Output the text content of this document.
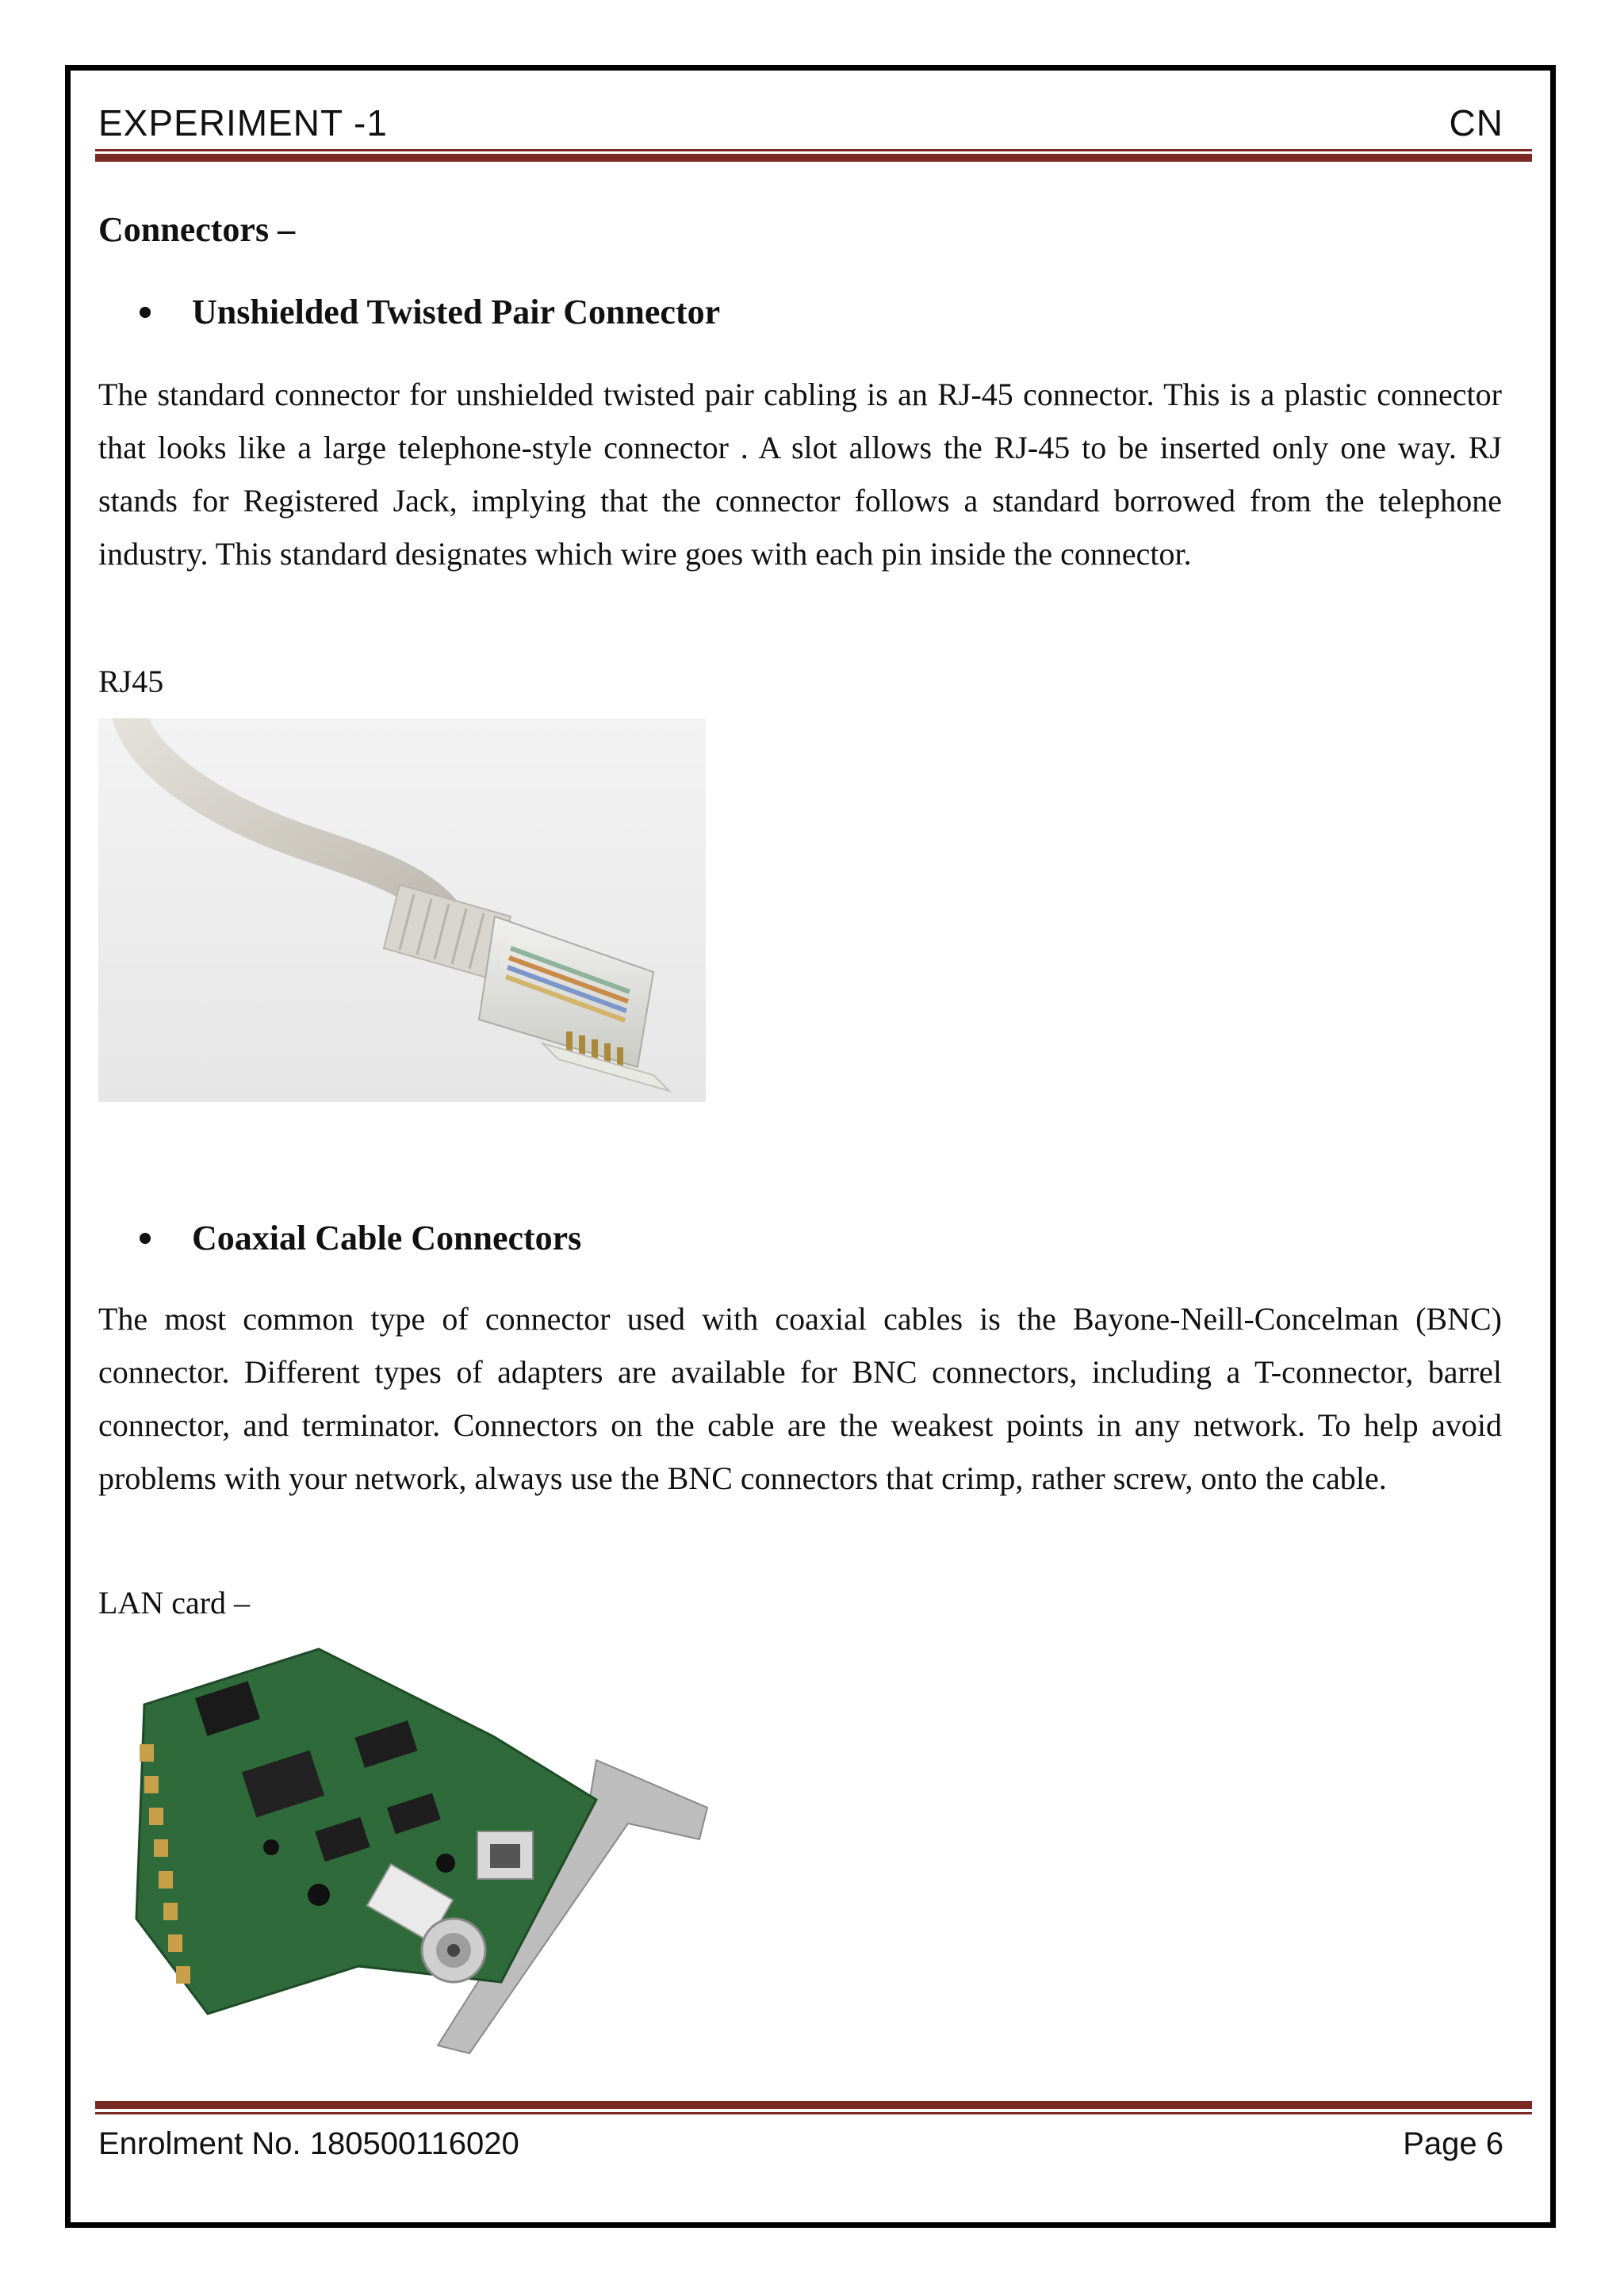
EXPERIMENT -1	CN
Connectors –
Unshielded Twisted Pair Connector
The standard connector for unshielded twisted pair cabling is an RJ-45 connector. This is a plastic connector that looks like a large telephone-style connector . A slot allows the RJ-45 to be inserted only one way. RJ stands for Registered Jack, implying that the connector follows a standard borrowed from the telephone industry. This standard designates which wire goes with each pin inside the connector.
RJ45
Coaxial Cable Connectors
The most common type of connector used with coaxial cables is the Bayone-Neill-Concelman (BNC) connector. Different types of adapters are available for BNC connectors, including a T-connector, barrel connector, and terminator. Connectors on the cable are the weakest points in any network. To help avoid problems with your network, always use the BNC connectors that crimp, rather screw, onto the cable.
LAN card –
Enrolment No. 180500116020	Page 6
